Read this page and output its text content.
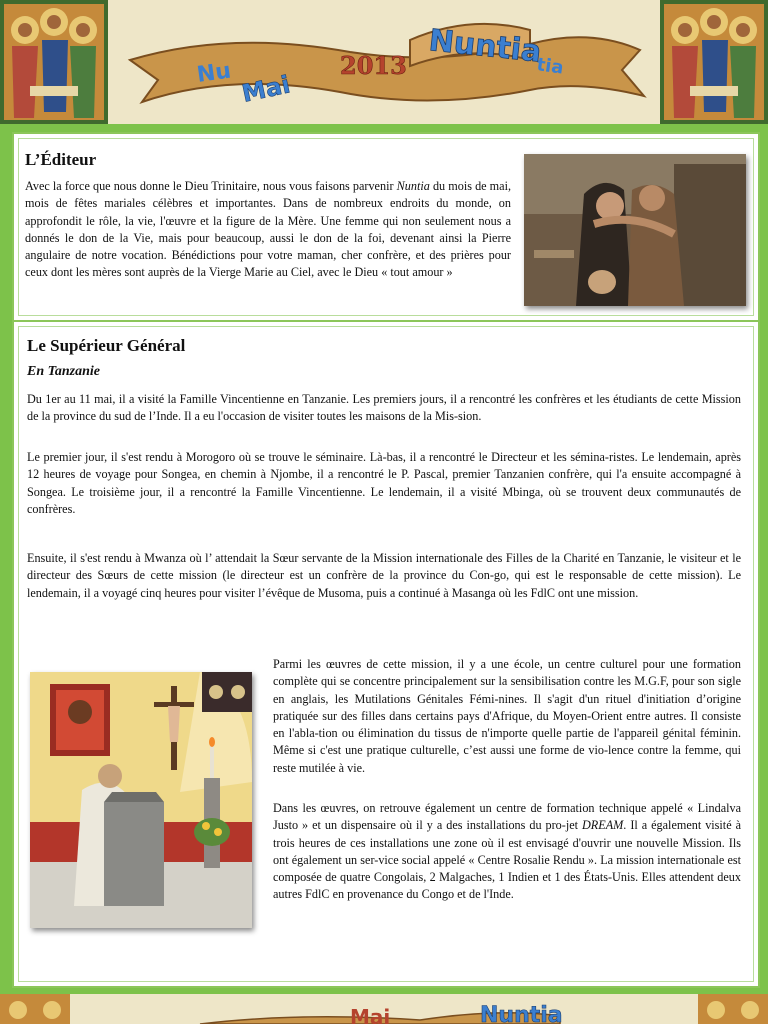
Nu	tia
Mai
2013 Nuntia
L’Éditeur

Avec la force que nous donne le Dieu Trinitaire, nous vous faisons parvenir Nuntia du mois de mai, mois de fêtes mariales célèbres et importantes. Dans de nombreux endroits du monde, on approfondit le rôle, la vie, l'œuvre et la figure de la Mère. Une femme qui non seulement nous a donnés le don de la Vie, mais pour beaucoup, aussi le don de la foi, devenant ainsi la Pierre angulaire de notre vocation. Bénédictions pour votre maman, cher confrère, et des prières pour ceux dont les mères sont auprès de la Vierge Marie au Ciel, avec le Dieu « tout amour »

Le Supérieur Général
En Tanzanie

Du 1er au 11 mai, il a visité la Famille Vincentienne en Tanzanie. Les premiers jours, il a rencontré les confrères et les étudiants de cette Mission de la province du sud de l’Inde. Il a eu l'occasion de visiter toutes les maisons de la Mis-sion.

Le premier jour, il s'est rendu à Morogoro où se trouve le séminaire. Là-bas, il a rencontré le Directeur et les sémina-ristes. Le lendemain, après 12 heures de voyage pour Songea, en chemin à Njombe, il a rencontré le P. Pascal, premier Tanzanien confrère, qui l'a ensuite accompagné à Songea. Le troisième jour, il a rencontré la Famille Vincentienne. Le lendemain, il a visité Mbinga, où se trouvent deux communautés de confrères.

Ensuite, il s'est rendu à Mwanza où l’ attendait la Sœur servante de la Mission internationale des Filles de la Charité en Tanzanie, le visiteur et le directeur des Sœurs de cette mission (le directeur est un confrère de la province du Con-go, qui est le responsable de cette mission). Le lendemain, il a voyagé cinq heures pour visiter l’évêque de Musoma, puis a continué à Masanga où les FdlC ont une mission.

Parmi les œuvres de cette mission, il y a une école, un centre culturel pour une formation complète qui se concentre principalement sur la sensibilisation contre les M.G.F, pour son sigle en anglais, les Mutilations Génitales Fémi-nines. Il s'agit d'un rituel d'initiation d’origine pratiquée sur des filles dans certains pays d'Afrique, du Moyen-Orient entre autres. Il consiste en l'abla-tion ou élimination du tissus de n'importe quelle partie de l'appareil génital féminin. Même si c'est une pratique culturelle, c’est aussi une forme de vio-lence contre la femme, qui reste mutilée à vie.

Dans les œuvres, on retrouve également un centre de formation technique appelé « Lindalva Justo » et un dispensaire où il y a des installations du pro-jet DREAM. Il a également visité à trois heures de ces installations une zone où il est envisagé d'ouvrir une nouvelle Mission. Ils ont également un ser-vice social appelé « Centre Rosalie Rendu ». La mission internationale est composée de quatre Congolais, 2 Malgaches, 1 Indien et 1 des États-Unis. Elles attendent deux autres FdlC en provenance du Congo et de l'Inde.

Mai	Nuntia
